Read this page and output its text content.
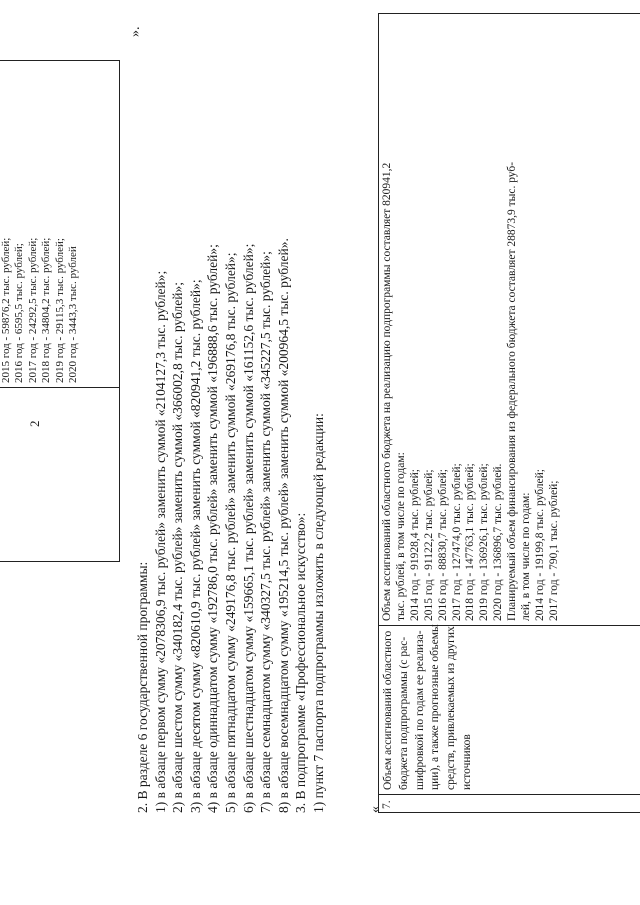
2
».
2015 год - 59876,2 тыс. рублей; 2016 год - 6595,5 тыс. рублей; 2017 год - 24292,5 тыс. рублей; 2018 год - 34804,2 тыс. рублей; 2019 год - 29115,3 тыс. рублей; 2020 год - 3443,3 тыс. рублей
2. В разделе 6 государственной программы: 1) в абзаце первом сумму «2078306,9 тыс. рублей» заменить суммой «2104127,3 тыс. рублей»; 2) в абзаце шестом сумму «340182,4 тыс. рублей» заменить суммой «366002,8 тыс. рублей»; 3) в абзаце десятом сумму «820610,9 тыс. рублей» заменить суммой «820941,2 тыс. рублей»; 4) в абзаце одиннадцатом сумму «192786,0 тыс. рублей» заменить суммой «196888,6 тыс. рублей»; 5) в абзаце пятнадцатом сумму «249176,8 тыс. рублей» заменить суммой «269176,8 тыс. рублей»; 6) в абзаце шестнадцатом сумму «159665,1 тыс. рублей» заменить суммой «161152,6 тыс. рублей»; 7) в абзаце семнадцатом сумму «340327,5 тыс. рублей» заменить суммой «345227,5 тыс. рублей»; 8) в абзаце восемнадцатом сумму «195214,5 тыс. рублей» заменить суммой «200964,5 тыс. рублей». 3. В подпрограмме «Профессиональное искусство»: 1) пункт 7 паспорта подпрограммы изложить в следующей редакции:	«
7.
Объем ассигнований областного бюджета подпрограммы (с рас- шифровкой по годам ее реализа- ции), а также прогнозные объемы средств, привлекаемых из других источников
Объем ассигнований областного бюджета на реализацию подпрограммы составляет 820941,2 тыс. рублей, в том числе по годам: 2014 год - 91928,4 тыс. рублей; 2015 год - 91122,2 тыс. рублей; 2016 год - 88830,7 тыс. рублей; 2017 год - 127474,0 тыс. рублей; 2018 год - 147763,1 тыс. рублей; 2019 год - 136926,1 тыс. рублей; 2020 год - 136896,7 тыс. рублей. Планируемый объем финансирования из федерального бюджета составляет 28873,9 тыс. руб- лей, в том числе по годам: 2014 год - 19199,8 тыс. рублей; 2017 год - 790,1 тыс. рублей;
